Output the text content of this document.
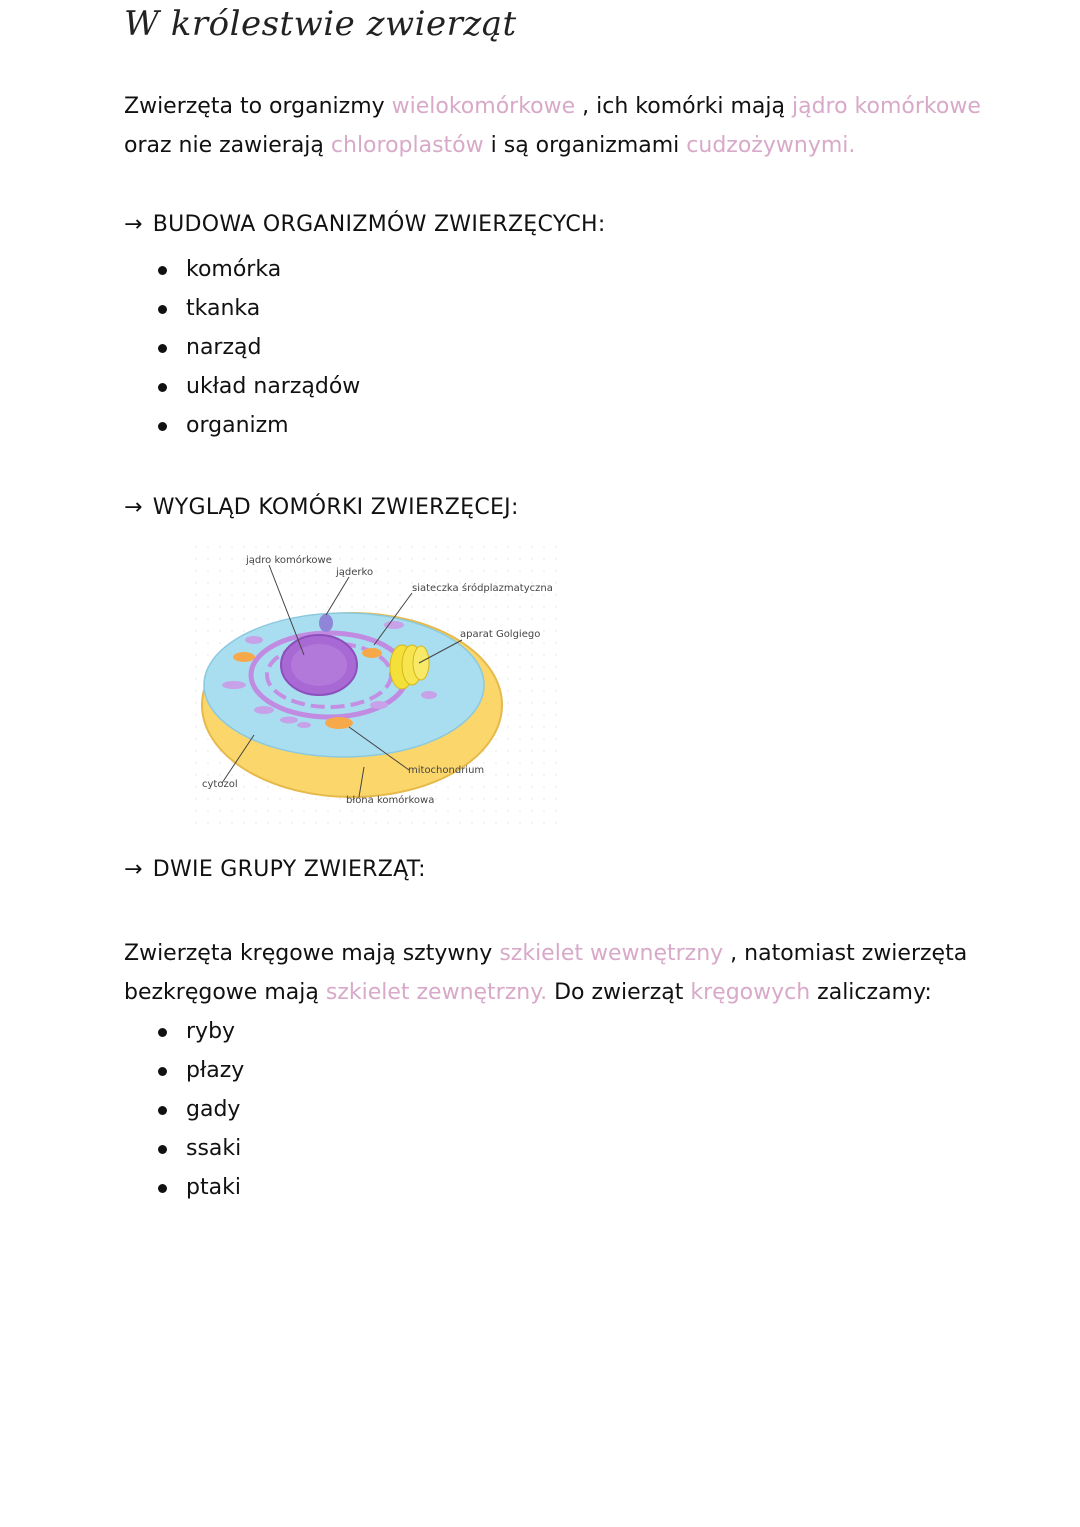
W królestwie zwierząt

Zwierzęta to organizmy wielokomórkowe , ich komórki mają jądro komórkowe oraz nie zawierają chloroplastów i są organizmami cudzożywnymi.

→ BUDOWA ORGANIZMÓW ZWIERZĘCYCH:
komórka
tkanka
narząd
układ narządów
organizm
→ WYGLĄD KOMÓRKI ZWIERZĘCEJ:
jądro komórkowe
jąderko
siateczka śródplazmatyczna
aparat Golgiego
cytozol
mitochondrium
błona komórkowa
→ DWIE GRUPY ZWIERZĄT:

Zwierzęta kręgowe mają sztywny szkielet wewnętrzny , natomiast zwierzęta bezkręgowe mają szkielet zewnętrzny. Do zwierząt kręgowych zaliczamy:

ryby
płazy
gady
ssaki
ptaki
